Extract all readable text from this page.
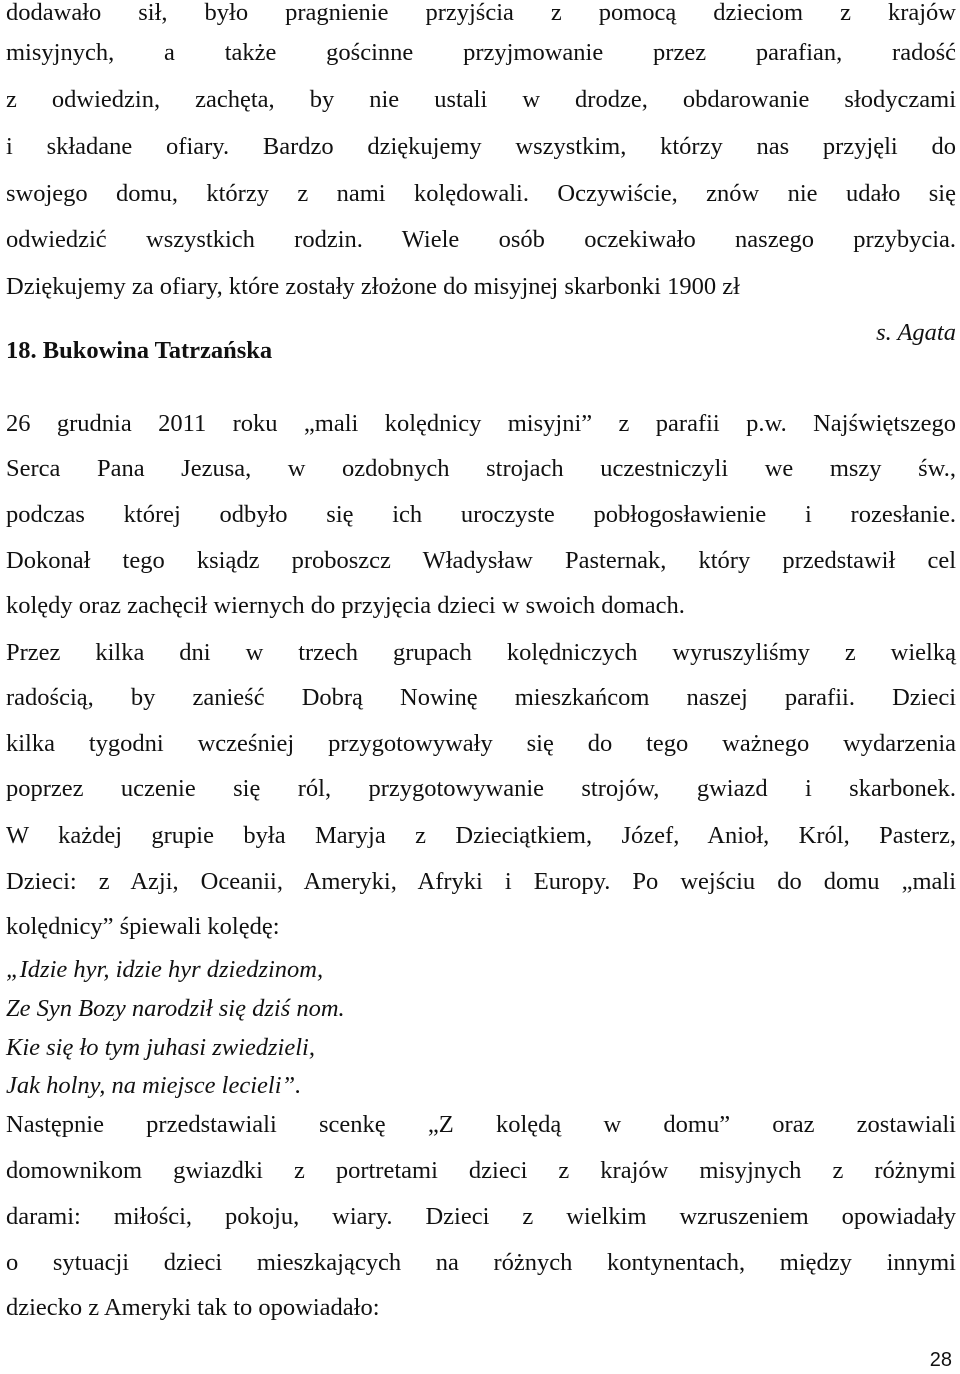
dodawało sił, było pragnienie przyjścia z pomocą dzieciom z krajów
misyjnych, a także gościnne przyjmowanie przez parafian, radość
z odwiedzin, zachęta, by nie ustali w drodze, obdarowanie słodyczami
i składane ofiary. Bardzo dziękujemy wszystkim, którzy nas przyjęli do
swojego domu, którzy z nami kolędowali. Oczywiście, znów nie udało się
odwiedzić wszystkich rodzin. Wiele osób oczekiwało naszego przybycia.
Dziękujemy za ofiary, które zostały złożone do misyjnej skarbonki 1900 zł
s. Agata
18. Bukowina Tatrzańska
26 grudnia 2011 roku „mali kolędnicy misyjni” z parafii p.w. Najświętszego
Serca Pana Jezusa, w ozdobnych strojach uczestniczyli we mszy św.,
podczas której odbyło się ich uroczyste pobłogosławienie i rozesłanie.
Dokonał tego ksiądz proboszcz Władysław Pasternak, który przedstawił cel
kolędy oraz zachęcił wiernych do przyjęcia dzieci w swoich domach.
Przez kilka dni w trzech grupach kolędniczych wyruszyliśmy z wielką
radością, by zanieść Dobrą Nowinę mieszkańcom naszej parafii. Dzieci
kilka tygodni wcześniej przygotowywały się do tego ważnego wydarzenia
poprzez uczenie się ról, przygotowywanie strojów, gwiazd i skarbonek.
W każdej grupie była Maryja z Dzieciątkiem, Józef, Anioł, Król, Pasterz,
Dzieci: z Azji, Oceanii, Ameryki, Afryki i Europy. Po wejściu do domu „mali
kolędnicy” śpiewali kolędę:
„Idzie hyr, idzie hyr dziedzinom,
Ze Syn Bozy narodził się dziś nom.
Kie się ło tym juhasi zwiedzieli,
Jak holny, na miejsce lecieli”.
Następnie przedstawiali scenkę „Z kolędą w domu” oraz zostawiali
domownikom gwiazdki z portretami dzieci z krajów misyjnych z różnymi
darami: miłości, pokoju, wiary. Dzieci z wielkim wzruszeniem opowiadały
o sytuacji dzieci mieszkających na różnych kontynentach, między innymi
dziecko z Ameryki tak to opowiadało:
28
